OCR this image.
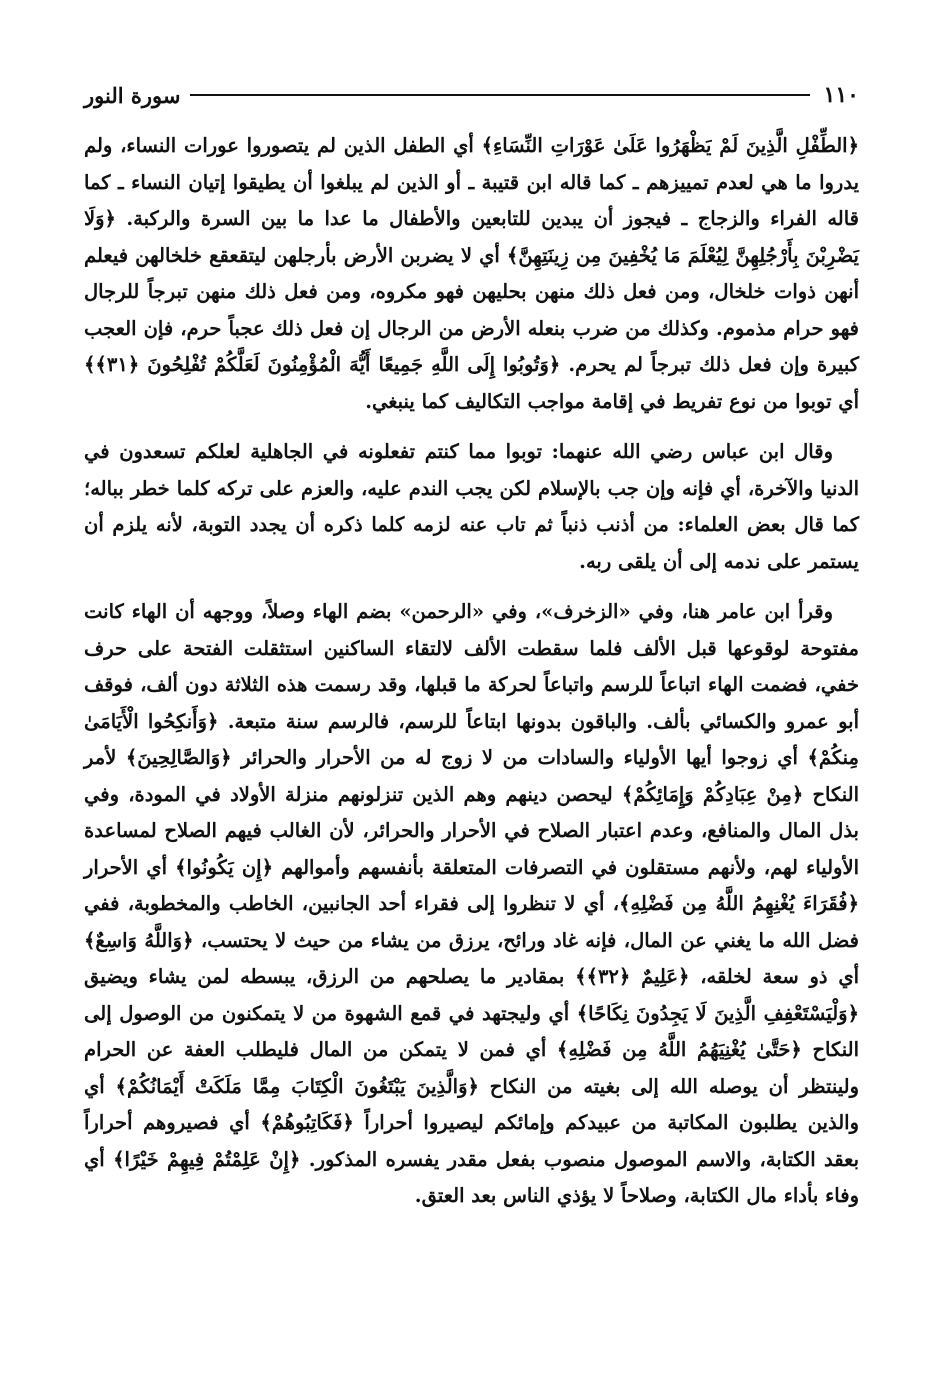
١١٠
سورة النور

﴿الطِّفْلِ الَّذِينَ لَمْ يَظْهَرُوا عَلَىٰ عَوْرَاتِ النِّسَاءِ﴾ أي الطفل الذين لم يتصوروا عورات النساء، ولم يدروا ما هي لعدم تمييزهم ـ كما قاله ابن قتيبة ـ أو الذين لم يبلغوا أن يطيقوا إتيان النساء ـ كما قاله الفراء والزجاج ـ فيجوز أن يبدين للتابعين والأطفال ما عدا ما بين السرة والركبة. ﴿وَلَا يَضْرِبْنَ بِأَرْجُلِهِنَّ لِيُعْلَمَ مَا يُخْفِينَ مِن زِينَتِهِنَّ﴾ أي لا يضربن الأرض بأرجلهن ليتقعقع خلخالهن فيعلم أنهن ذوات خلخال، ومن فعل ذلك منهن بحليهن فهو مكروه، ومن فعل ذلك منهن تبرجاً للرجال فهو حرام مذموم. وكذلك من ضرب بنعله الأرض من الرجال إن فعل ذلك عجباً حرم، فإن العجب كبيرة وإن فعل ذلك تبرجاً لم يحرم. ﴿وَتُوبُوا إِلَى اللَّهِ جَمِيعًا أَيُّهَ الْمُؤْمِنُونَ لَعَلَّكُمْ تُفْلِحُونَ ﴿٣١﴾﴾ أي توبوا من نوع تفريط في إقامة مواجب التكاليف كما ينبغي.

وقال ابن عباس رضي الله عنهما: توبوا مما كنتم تفعلونه في الجاهلية لعلكم تسعدون في الدنيا والآخرة، أي فإنه وإن جب بالإسلام لكن يجب الندم عليه، والعزم على تركه كلما خطر بباله؛ كما قال بعض العلماء: من أذنب ذنباً ثم تاب عنه لزمه كلما ذكره أن يجدد التوبة، لأنه يلزم أن يستمر على ندمه إلى أن يلقى ربه.

وقرأ ابن عامر هنا، وفي «الزخرف»، وفي «الرحمن» بضم الهاء وصلاً، ووجهه أن الهاء كانت مفتوحة لوقوعها قبل الألف فلما سقطت الألف لالتقاء الساكنين استثقلت الفتحة على حرف خفي، فضمت الهاء اتباعاً للرسم واتباعاً لحركة ما قبلها، وقد رسمت هذه الثلاثة دون ألف، فوقف أبو عمرو والكسائي بألف. والباقون بدونها ابتاعاً للرسم، فالرسم سنة متبعة. ﴿وَأَنكِحُوا الْأَيَامَىٰ مِنكُمْ﴾ أي زوجوا أيها الأولياء والسادات من لا زوج له من الأحرار والحرائر ﴿وَالصَّالِحِينَ﴾ لأمر النكاح ﴿مِنْ عِبَادِكُمْ وَإِمَائِكُمْ﴾ ليحصن دينهم وهم الذين تنزلونهم منزلة الأولاد في المودة، وفي بذل المال والمنافع، وعدم اعتبار الصلاح في الأحرار والحرائر، لأن الغالب فيهم الصلاح لمساعدة الأولياء لهم، ولأنهم مستقلون في التصرفات المتعلقة بأنفسهم وأموالهم ﴿إِن يَكُونُوا﴾ أي الأحرار ﴿فُقَرَاءَ يُغْنِهِمُ اللَّهُ مِن فَضْلِهِ﴾، أي لا تنظروا إلى فقراء أحد الجانبين، الخاطب والمخطوبة، ففي فضل الله ما يغني عن المال، فإنه غاد ورائح، يرزق من يشاء من حيث لا يحتسب، ﴿وَاللَّهُ وَاسِعٌ﴾ أي ذو سعة لخلقه، ﴿عَلِيمٌ ﴿٣٢﴾﴾ بمقادير ما يصلحهم من الرزق، يبسطه لمن يشاء ويضيق ﴿وَلْيَسْتَعْفِفِ الَّذِينَ لَا يَجِدُونَ نِكَاحًا﴾ أي وليجتهد في قمع الشهوة من لا يتمكنون من الوصول إلى النكاح ﴿حَتَّىٰ يُغْنِيَهُمُ اللَّهُ مِن فَضْلِهِ﴾ أي فمن لا يتمكن من المال فليطلب العفة عن الحرام ولينتظر أن يوصله الله إلى بغيته من النكاح ﴿وَالَّذِينَ يَبْتَغُونَ الْكِتَابَ مِمَّا مَلَكَتْ أَيْمَانُكُمْ﴾ أي والذين يطلبون المكاتبة من عبيدكم وإمائكم ليصيروا أحراراً ﴿فَكَاتِبُوهُمْ﴾ أي فصيروهم أحراراً بعقد الكتابة، والاسم الموصول منصوب بفعل مقدر يفسره المذكور. ﴿إِنْ عَلِمْتُمْ فِيهِمْ خَيْرًا﴾ أي وفاء بأداء مال الكتابة، وصلاحاً لا يؤذي الناس بعد العتق.
